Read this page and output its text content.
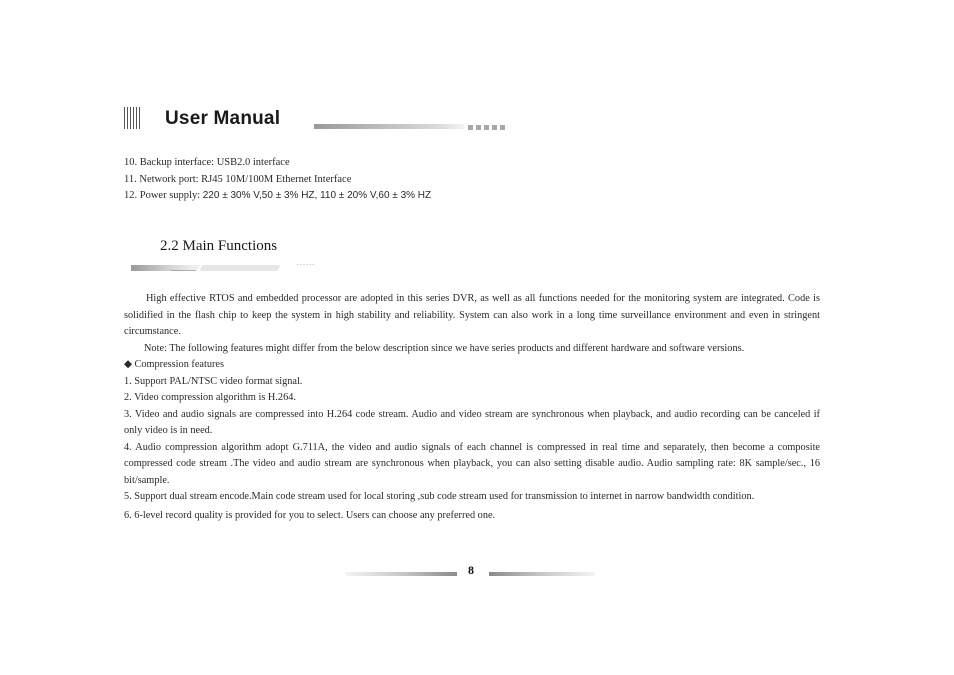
User Manual
10. Backup interface: USB2.0 interface
11. Network port: RJ45 10M/100M Ethernet Interface
12. Power supply: 220 ± 30% V,50 ± 3% HZ, 110 ± 20% V,60 ± 3% HZ
2.2 Main Functions

High effective RTOS and embedded processor are adopted in this series DVR, as well as all functions needed for the monitoring system are integrated. Code is solidified in the flash chip to keep the system in high stability and reliability. System can also work in a long time surveillance environment and even in stringent circumstance.

Note: The following features might differ from the below description since we have series products and different hardware and software versions.

◆ Compression features

1. Support PAL/NTSC video format signal.

2. Video compression algorithm is H.264.

3. Video and audio signals are compressed into H.264 code stream. Audio and video stream are synchronous when playback, and audio recording can be canceled if only video is in need.

4. Audio compression algorithm adopt G.711A, the video and audio signals of each channel is compressed in real time and separately, then become a composite compressed code stream .The video and audio stream are synchronous when playback, you can also setting disable audio. Audio sampling rate: 8K sample/sec., 16 bit/sample.

5. Support dual stream encode.Main code stream used for local storing ,sub code stream used for transmission to internet in narrow bandwidth condition.

6. 6-level record quality is provided for you to select. Users can choose any preferred one.

8
